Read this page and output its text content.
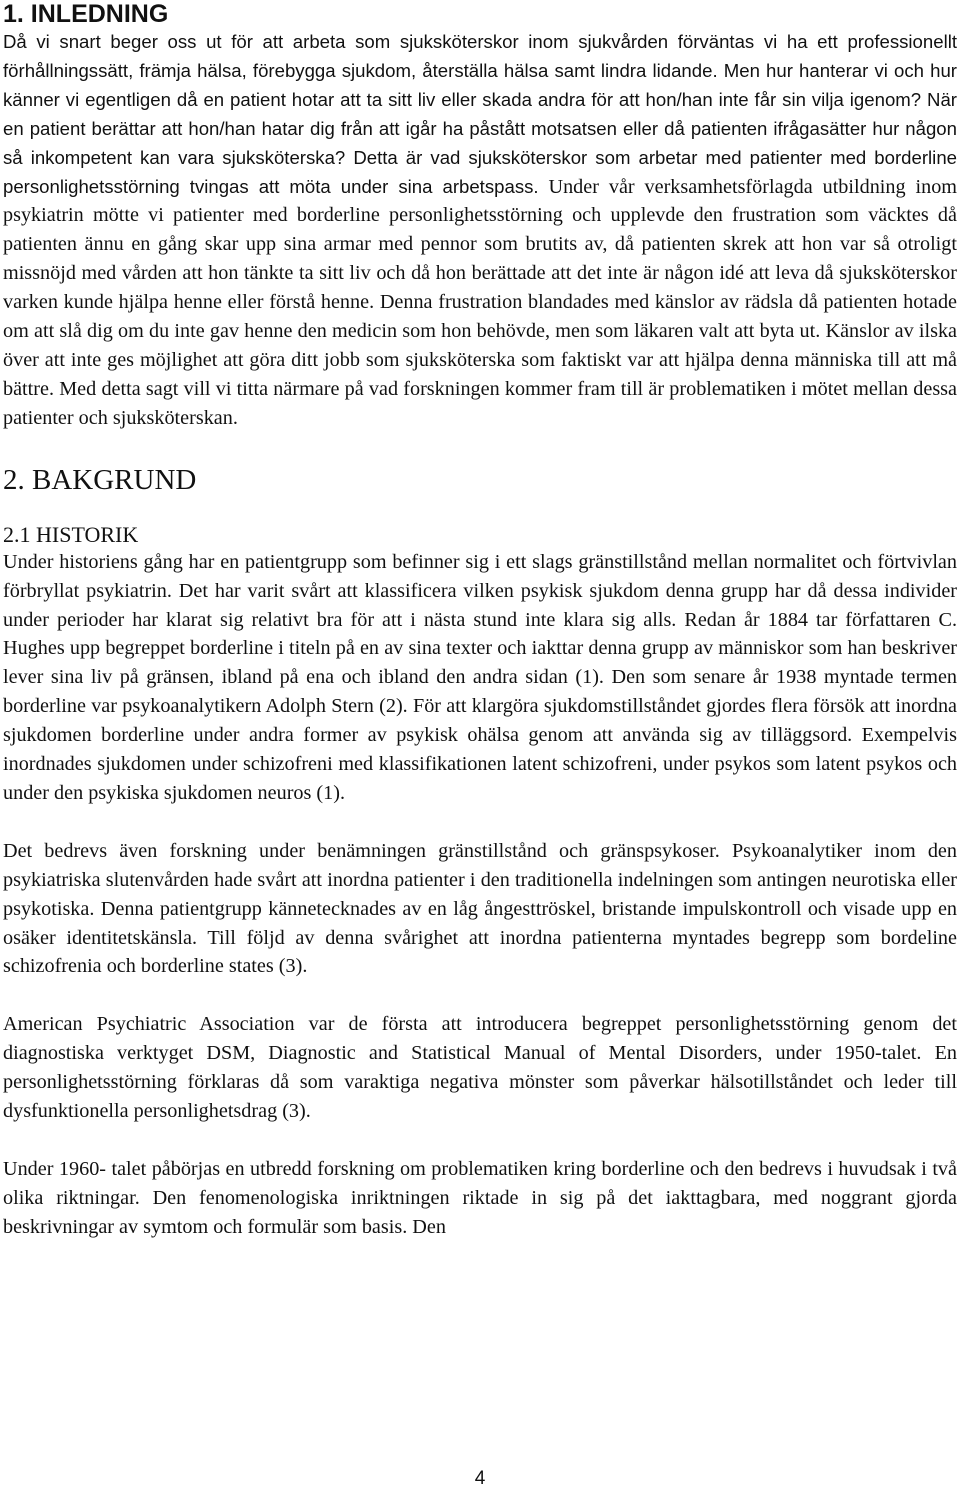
1. INLEDNING

Då vi snart beger oss ut för att arbeta som sjuksköterskor inom sjukvården förväntas vi ha ett professionellt förhållningssätt, främja hälsa, förebygga sjukdom, återställa hälsa samt lindra lidande. Men hur hanterar vi och hur känner vi egentligen då en patient hotar att ta sitt liv eller skada andra för att hon/han inte får sin vilja igenom? När en patient berättar att hon/han hatar dig från att igår ha påstått motsatsen eller då patienten ifrågasätter hur någon så inkompetent kan vara sjuksköterska? Detta är vad sjuksköterskor som arbetar med patienter med borderline personlighetsstörning tvingas att möta under sina arbetspass. Under vår verksamhetsförlagda utbildning inom psykiatrin mötte vi patienter med borderline personlighetsstörning och upplevde den frustration som väcktes då patienten ännu en gång skar upp sina armar med pennor som brutits av, då patienten skrek att hon var så otroligt missnöjd med vården att hon tänkte ta sitt liv och då hon berättade att det inte är någon idé att leva då sjuksköterskor varken kunde hjälpa henne eller förstå henne. Denna frustration blandades med känslor av rädsla då patienten hotade om att slå dig om du inte gav henne den medicin som hon behövde, men som läkaren valt att byta ut. Känslor av ilska över att inte ges möjlighet att göra ditt jobb som sjuksköterska som faktiskt var att hjälpa denna människa till att må bättre. Med detta sagt vill vi titta närmare på vad forskningen kommer fram till är problematiken i mötet mellan dessa patienter och sjuksköterskan.

2. BAKGRUND
2.1 HISTORIK

Under historiens gång har en patientgrupp som befinner sig i ett slags gränstillstånd mellan normalitet och förtvivlan förbryllat psykiatrin. Det har varit svårt att klassificera vilken psykisk sjukdom denna grupp har då dessa individer under perioder har klarat sig relativt bra för att i nästa stund inte klara sig alls. Redan år 1884 tar författaren C. Hughes upp begreppet borderline i titeln på en av sina texter och iakttar denna grupp av människor som han beskriver lever sina liv på gränsen, ibland på ena och ibland den andra sidan (1). Den som senare år 1938 myntade termen borderline var psykoanalytikern Adolph Stern (2). För att klargöra sjukdomstillståndet gjordes flera försök att inordna sjukdomen borderline under andra former av psykisk ohälsa genom att använda sig av tilläggsord. Exempelvis inordnades sjukdomen under schizofreni med klassifikationen latent schizofreni, under psykos som latent psykos och under den psykiska sjukdomen neuros (1).

Det bedrevs även forskning under benämningen gränstillstånd och gränspsykoser. Psykoanalytiker inom den psykiatriska slutenvården hade svårt att inordna patienter i den traditionella indelningen som antingen neurotiska eller psykotiska. Denna patientgrupp kännetecknades av en låg ångesttröskel, bristande impulskontroll och visade upp en osäker identitetskänsla. Till följd av denna svårighet att inordna patienterna myntades begrepp som bordeline schizofrenia och borderline states (3).

American Psychiatric Association var de första att introducera begreppet personlighetsstörning genom det diagnostiska verktyget DSM, Diagnostic and Statistical Manual of Mental Disorders, under 1950-talet. En personlighetsstörning förklaras då som varaktiga negativa mönster som påverkar hälsotillståndet och leder till dysfunktionella personlighetsdrag (3).

Under 1960- talet påbörjas en utbredd forskning om problematiken kring borderline och den bedrevs i huvudsak i två olika riktningar. Den fenomenologiska inriktningen riktade in sig på det iakttagbara, med noggrant gjorda beskrivningar av symtom och formulär som basis. Den

4
